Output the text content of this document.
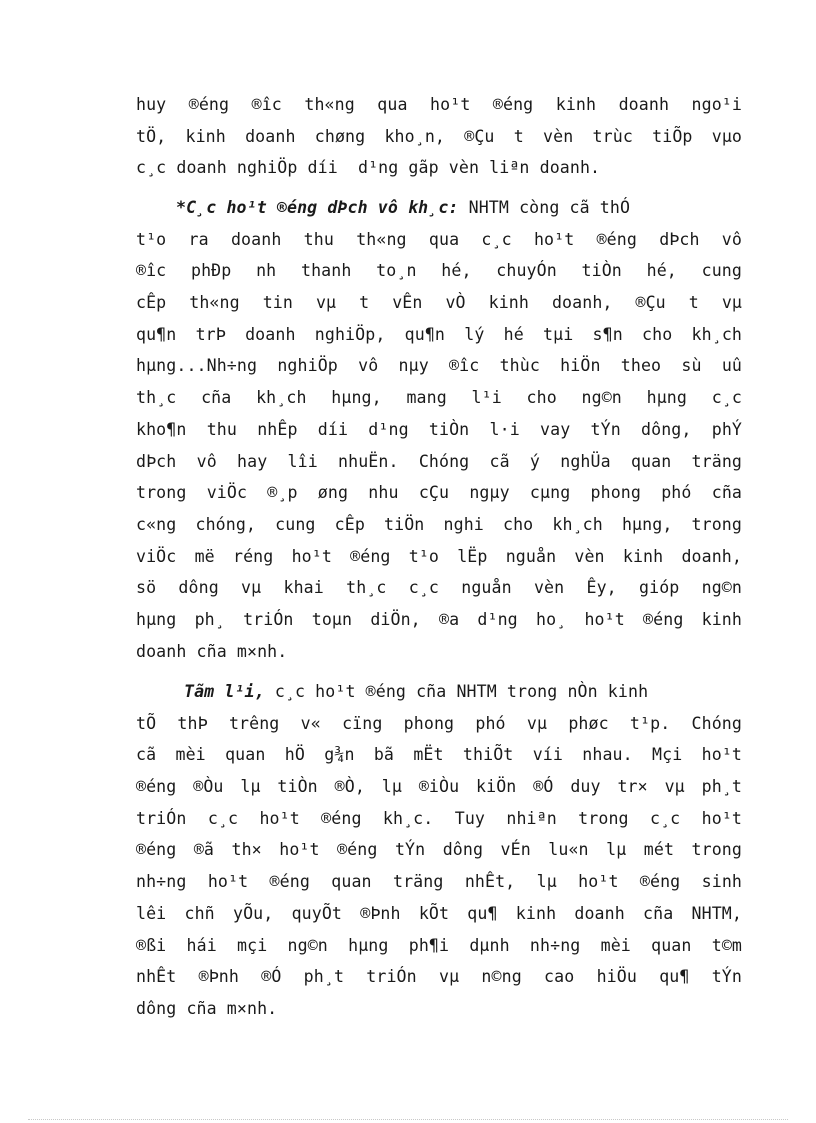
huy ®éng ®îc th«ng qua ho¹t ®éng kinh doanh ngo¹i
tÖ, kinh doanh chøng kho¸n, ®Çu t vèn trùc tiÕp vµo
c¸c doanh nghiÖp díi  d¹ng gãp vèn liªn doanh.
*C¸c ho¹t ®éng dÞch vô kh¸c: NHTM còng cã thÓ
t¹o ra doanh thu th«ng qua c¸c ho¹t ®éng dÞch vô
®îc phÐp nh thanh to¸n hé, chuyÓn tiÒn hé, cung
cÊp th«ng tin vµ t vÊn vÒ kinh doanh, ®Çu t vµ
qu¶n trÞ doanh nghiÖp, qu¶n lý hé tµi s¶n cho kh¸ch
hµng...Nh÷ng nghiÖp vô nµy ®îc thùc hiÖn theo sù uû
th¸c cña kh¸ch hµng, mang l¹i cho ng©n hµng c¸c
kho¶n thu nhÊp díi d¹ng tiÒn l·i vay tÝn dông, phÝ
dÞch vô hay lîi nhuËn. Chóng cã ý nghÜa quan träng
trong viÖc ®¸p øng nhu cÇu ngµy cµng phong phó cña
c«ng chóng, cung cÊp tiÖn nghi cho kh¸ch hµng, trong
viÖc më réng ho¹t ®éng t¹o lËp nguån vèn kinh doanh,
sö dông vµ khai th¸c c¸c nguån vèn Êy, gióp ng©n
hµng ph¸ triÓn toµn diÖn, ®a d¹ng ho¸ ho¹t ®éng kinh
doanh cña m×nh.
Tãm l¹i, c¸c ho¹t ®éng cña NHTM trong nÒn kinh
tÕ thÞ trêng v« cïng phong phó vµ phøc t¹p. Chóng
cã mèi quan hÖ g¾n bã mËt thiÕt víi nhau. Mçi ho¹t
®éng ®Òu lµ tiÒn ®Ò, lµ ®iÒu kiÖn ®Ó duy tr× vµ ph¸t
triÓn c¸c ho¹t ®éng kh¸c. Tuy nhiªn trong c¸c ho¹t
®éng ®ã th× ho¹t ®éng tÝn dông vÉn lu«n lµ mét trong
nh÷ng ho¹t ®éng quan träng nhÊt, lµ ho¹t ®éng sinh
lêi chñ yÕu, quyÕt ®Þnh kÕt qu¶ kinh doanh cña NHTM,
®ßi hái mçi ng©n hµng ph¶i dµnh nh÷ng mèi quan t©m
nhÊt ®Þnh ®Ó ph¸t triÓn vµ n©ng cao hiÖu qu¶ tÝn
dông cña m×nh.
